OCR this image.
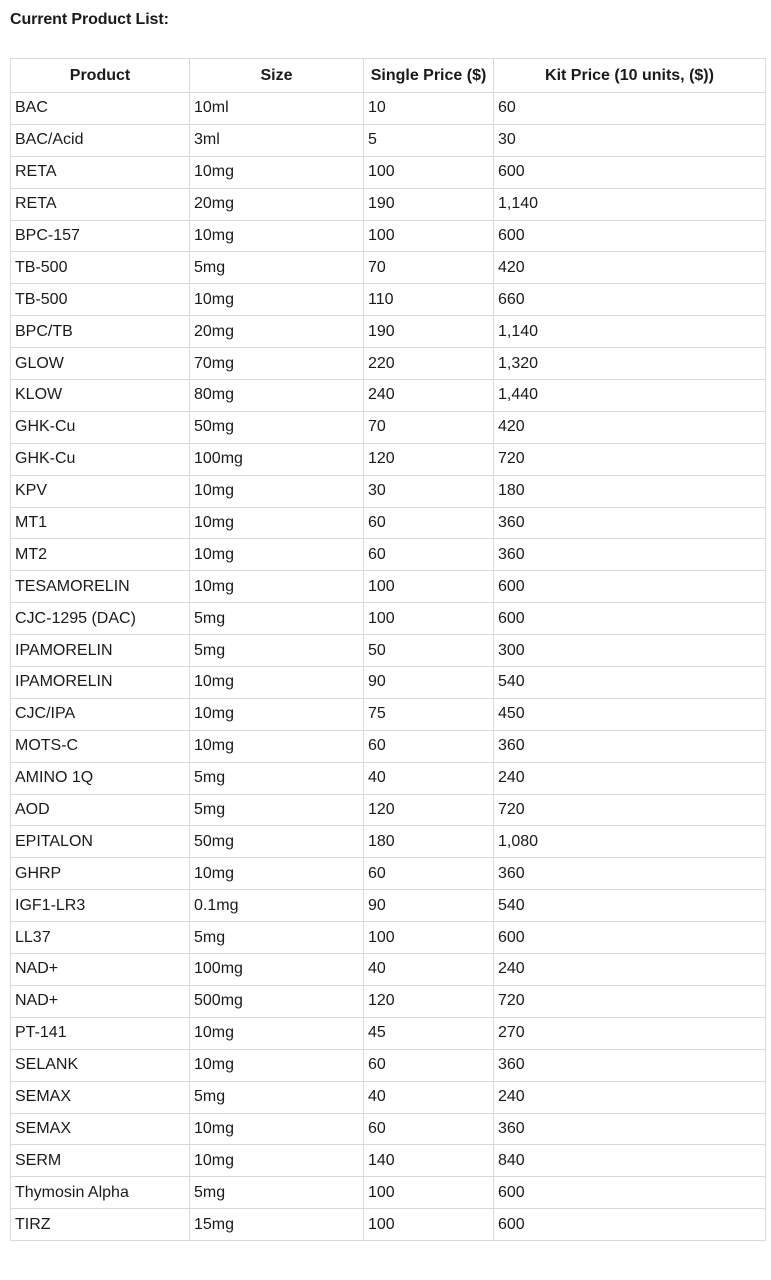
Current Product List:
Product	Size	Single Price ($)	Kit Price (10 units, ($))
BAC	10ml	10	60
BAC/Acid	3ml	5	30
RETA	10mg	100	600
RETA	20mg	190	1,140
BPC-157	10mg	100	600
TB-500	5mg	70	420
TB-500	10mg	110	660
BPC/TB	20mg	190	1,140
GLOW	70mg	220	1,320
KLOW	80mg	240	1,440
GHK-Cu	50mg	70	420
GHK-Cu	100mg	120	720
KPV	10mg	30	180
MT1	10mg	60	360
MT2	10mg	60	360
TESAMORELIN	10mg	100	600
CJC-1295 (DAC)	5mg	100	600
IPAMORELIN	5mg	50	300
IPAMORELIN	10mg	90	540
CJC/IPA	10mg	75	450
MOTS-C	10mg	60	360
AMINO 1Q	5mg	40	240
AOD	5mg	120	720
EPITALON	50mg	180	1,080
GHRP	10mg	60	360
IGF1-LR3	0.1mg	90	540
LL37	5mg	100	600
NAD+	100mg	40	240
NAD+	500mg	120	720
PT-141	10mg	45	270
SELANK	10mg	60	360
SEMAX	5mg	40	240
SEMAX	10mg	60	360
SERM	10mg	140	840
Thymosin Alpha	5mg	100	600
TIRZ	15mg	100	600
